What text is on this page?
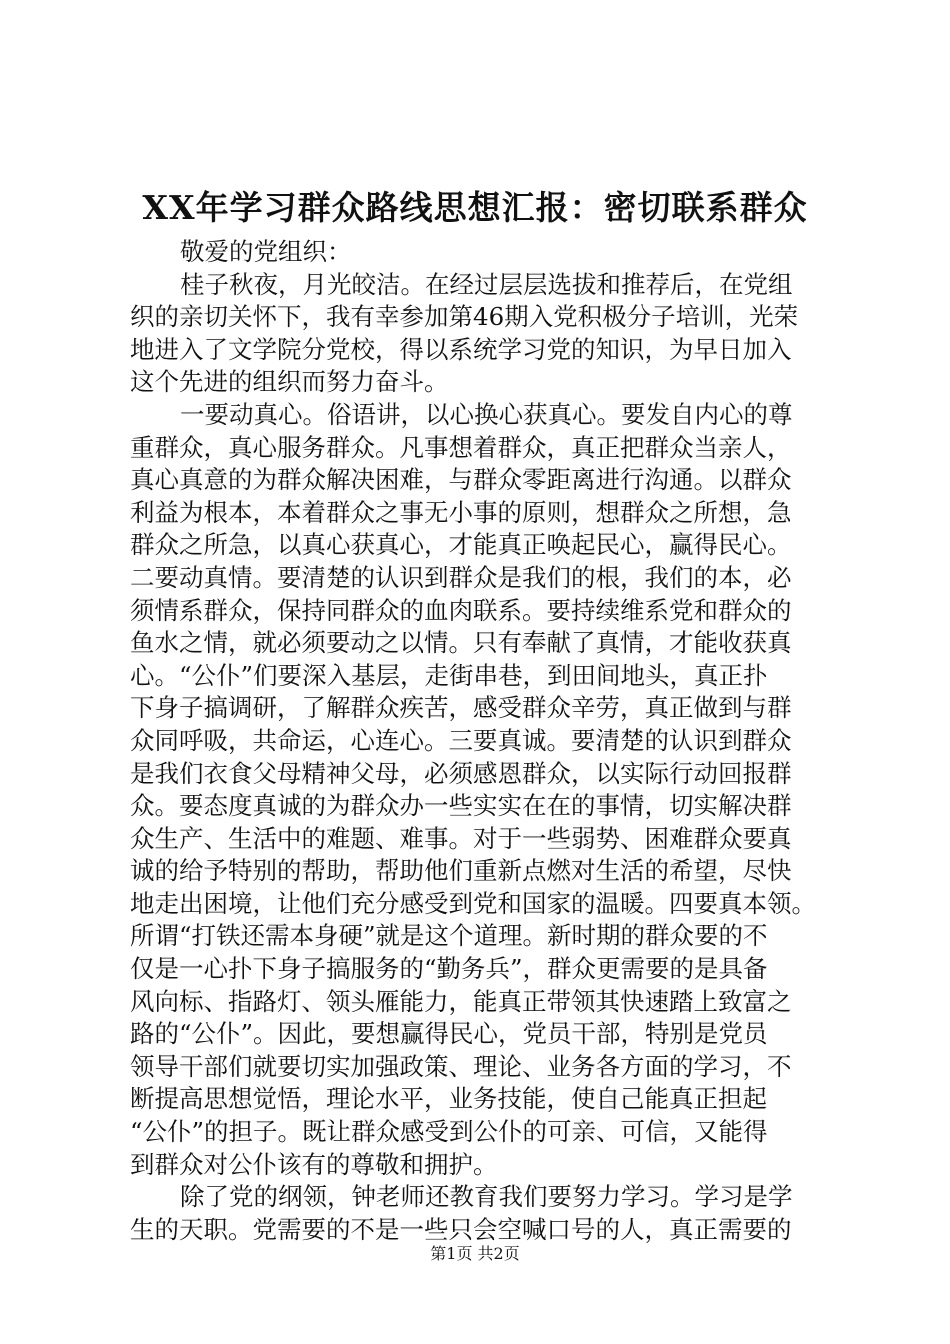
XX年学习群众路线思想汇报：密切联系群众
敬爱的党组织：
桂子秋夜，月光皎洁。在经过层层选拔和推荐后，在党组
织的亲切关怀下，我有幸参加第46期入党积极分子培训，光荣
地进入了文学院分党校，得以系统学习党的知识，为早日加入
这个先进的组织而努力奋斗。
一要动真心。俗语讲，以心换心获真心。要发自内心的尊
重群众，真心服务群众。凡事想着群众，真正把群众当亲人，
真心真意的为群众解决困难，与群众零距离进行沟通。以群众
利益为根本，本着群众之事无小事的原则，想群众之所想，急
群众之所急，以真心获真心，才能真正唤起民心，赢得民心。
二要动真情。要清楚的认识到群众是我们的根，我们的本，必
须情系群众，保持同群众的血肉联系。要持续维系党和群众的
鱼水之情，就必须要动之以情。只有奉献了真情，才能收获真
心。“公仆”们要深入基层，走街串巷，到田间地头，真正扑
下身子搞调研，了解群众疾苦，感受群众辛劳，真正做到与群
众同呼吸，共命运，心连心。三要真诚。要清楚的认识到群众
是我们衣食父母精神父母，必须感恩群众，以实际行动回报群
众。要态度真诚的为群众办一些实实在在的事情，切实解决群
众生产、生活中的难题、难事。对于一些弱势、困难群众要真
诚的给予特别的帮助，帮助他们重新点燃对生活的希望，尽快
地走出困境，让他们充分感受到党和国家的温暖。四要真本领。
所谓“打铁还需本身硬”就是这个道理。新时期的群众要的不
仅是一心扑下身子搞服务的“勤务兵”，群众更需要的是具备
风向标、指路灯、领头雁能力，能真正带领其快速踏上致富之
路的“公仆”。因此，要想赢得民心，党员干部，特别是党员
领导干部们就要切实加强政策、理论、业务各方面的学习，不
断提高思想觉悟，理论水平，业务技能，使自己能真正担起
“公仆”的担子。既让群众感受到公仆的可亲、可信，又能得
到群众对公仆该有的尊敬和拥护。
除了党的纲领，钟老师还教育我们要努力学习。学习是学
生的天职。党需要的不是一些只会空喊口号的人，真正需要的
第1页 共2页
